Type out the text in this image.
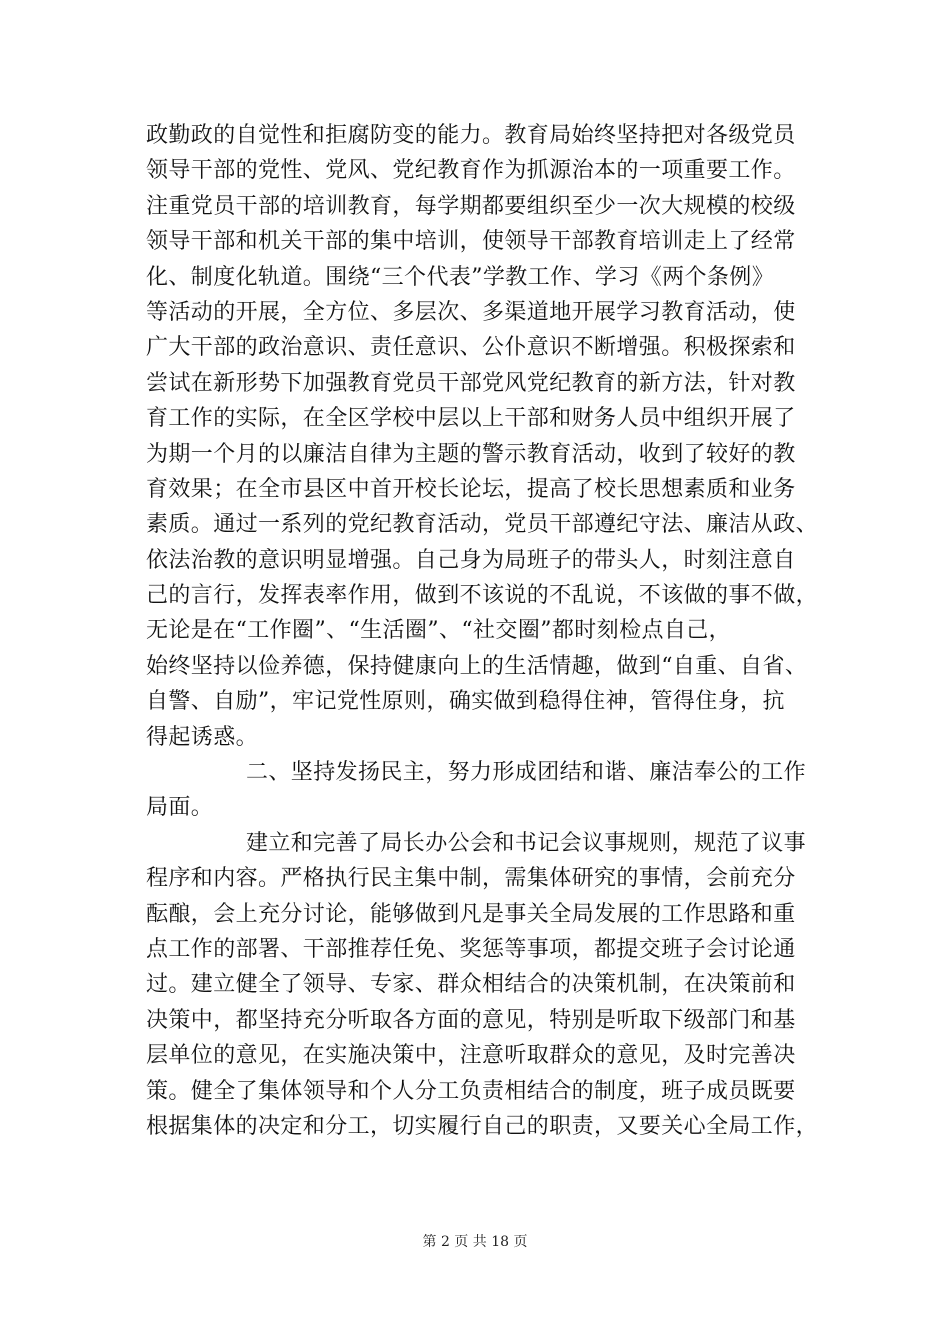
政勤政的自觉性和拒腐防变的能力。教育局始终坚持把对各级党员
领导干部的党性、党风、党纪教育作为抓源治本的一项重要工作。
注重党员干部的培训教育，每学期都要组织至少一次大规模的校级
领导干部和机关干部的集中培训，使领导干部教育培训走上了经常
化、制度化轨道。围绕“三个代表”学教工作、学习《两个条例》
等活动的开展，全方位、多层次、多渠道地开展学习教育活动，使
广大干部的政治意识、责任意识、公仆意识不断增强。积极探索和
尝试在新形势下加强教育党员干部党风党纪教育的新方法，针对教
育工作的实际，在全区学校中层以上干部和财务人员中组织开展了
为期一个月的以廉洁自律为主题的警示教育活动，收到了较好的教
育效果；在全市县区中首开校长论坛，提高了校长思想素质和业务
素质。通过一系列的党纪教育活动，党员干部遵纪守法、廉洁从政、
依法治教的意识明显增强。自己身为局班子的带头人，时刻注意自
己的言行，发挥表率作用，做到不该说的不乱说，不该做的事不做，
无论是在“工作圈”、“生活圈”、“社交圈”都时刻检点自己，
始终坚持以俭养德，保持健康向上的生活情趣，做到“自重、自省、
自警、自励”，牢记党性原则，确实做到稳得住神，管得住身，抗
得起诱惑。
二、坚持发扬民主，努力形成团结和谐、廉洁奉公的工作
局面。
建立和完善了局长办公会和书记会议事规则，规范了议事
程序和内容。严格执行民主集中制，需集体研究的事情，会前充分
酝酿，会上充分讨论，能够做到凡是事关全局发展的工作思路和重
点工作的部署、干部推荐任免、奖惩等事项，都提交班子会讨论通
过。建立健全了领导、专家、群众相结合的决策机制，在决策前和
决策中，都坚持充分听取各方面的意见，特别是听取下级部门和基
层单位的意见，在实施决策中，注意听取群众的意见，及时完善决
策。健全了集体领导和个人分工负责相结合的制度，班子成员既要
根据集体的决定和分工，切实履行自己的职责，又要关心全局工作，
第 2 页 共 18 页
